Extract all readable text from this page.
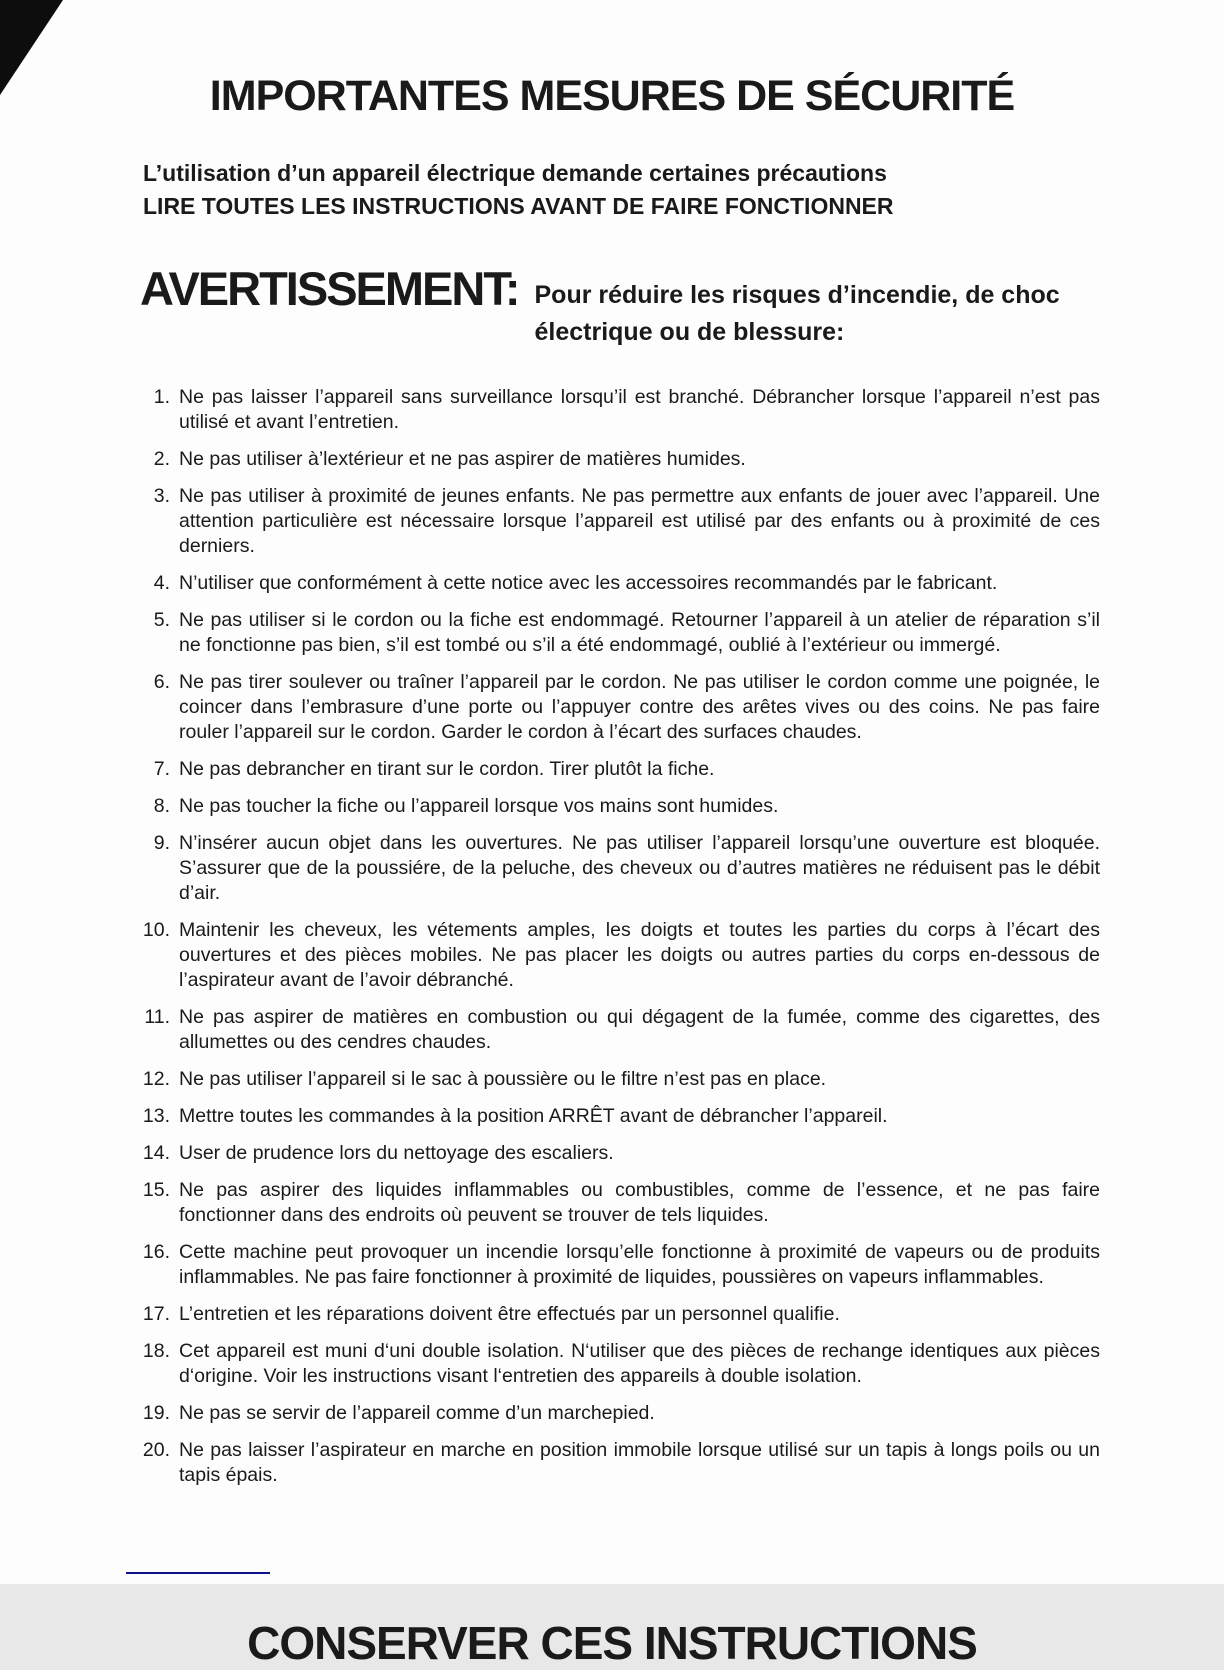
IMPORTANTES MESURES DE SÉCURITÉ
L’utilisation d’un appareil électrique demande certaines précautions
LIRE TOUTES LES INSTRUCTIONS AVANT DE FAIRE FONCTIONNER
AVERTISSEMENT: Pour réduire les risques d’incendie, de choc
électrique ou de blessure:
1. Ne pas laisser l’appareil sans surveillance lorsqu’il est branché. Débrancher lorsque l’appareil n’est pas utilisé et avant l’entretien.
2. Ne pas utiliser à’lextérieur et ne pas aspirer de matières humides.
3. Ne pas utiliser à proximité de jeunes enfants. Ne pas permettre aux enfants de jouer avec l’appareil. Une attention particulière est nécessaire lorsque l’appareil est utilisé par des enfants ou à proximité de ces derniers.
4. N’utiliser que conformément à cette notice avec les accessoires recommandés par le fabricant.
5. Ne pas utiliser si le cordon ou la fiche est endommagé. Retourner l’appareil à un atelier de réparation s’il ne fonctionne pas bien, s’il est tombé ou s’il a été endommagé, oublié à l’extérieur ou immergé.
6. Ne pas tirer soulever ou traîner l’appareil par le cordon. Ne pas utiliser le cordon comme une poignée, le coincer dans l’embrasure d’une porte ou l’appuyer contre des arêtes vives ou des coins. Ne pas faire rouler l’appareil sur le cordon. Garder le cordon à l’écart des surfaces chaudes.
7. Ne pas debrancher en tirant sur le cordon. Tirer plutôt la fiche.
8. Ne pas toucher la fiche ou l’appareil lorsque vos mains sont humides.
9. N’insérer aucun objet dans les ouvertures. Ne pas utiliser l’appareil lorsqu’une ouverture est bloquée. S’assurer que de la poussiére, de la peluche, des cheveux ou d’autres matières ne réduisent pas le débit d’air.
10. Maintenir les cheveux, les vétements amples, les doigts et toutes les parties du corps à l’écart des ouvertures et des pièces mobiles. Ne pas placer les doigts ou autres parties du corps en-dessous de l’aspirateur avant de l’avoir débranché.
11. Ne pas aspirer de matières en combustion ou qui dégagent de la fumée, comme des cigarettes, des allumettes ou des cendres chaudes.
12. Ne pas utiliser l’appareil si le sac à poussière ou le filtre n’est pas en place.
13. Mettre toutes les commandes à la position ARRÊT avant de débrancher l’appareil.
14. User de prudence lors du nettoyage des escaliers.
15. Ne pas aspirer des liquides inflammables ou combustibles, comme de l’essence, et ne pas faire fonctionner dans des endroits où peuvent se trouver de tels liquides.
16. Cette machine peut provoquer un incendie lorsqu’elle fonctionne à proximité de vapeurs ou de produits inflammables. Ne pas faire fonctionner à proximité de liquides, poussières on vapeurs inflammables.
17. L’entretien et les réparations doivent être effectués par un personnel qualifie.
18. Cet appareil est muni d‘uni double isolation. N‘utiliser que des pièces de rechange identiques aux pièces d‘origine. Voir les instructions visant l‘entretien des appareils à double isolation.
19. Ne pas se servir de l’appareil comme d’un marchepied.
20. Ne pas laisser l’aspirateur en marche en position immobile lorsque utilisé sur un tapis à longs poils ou un tapis épais.
CONSERVER CES INSTRUCTIONS
